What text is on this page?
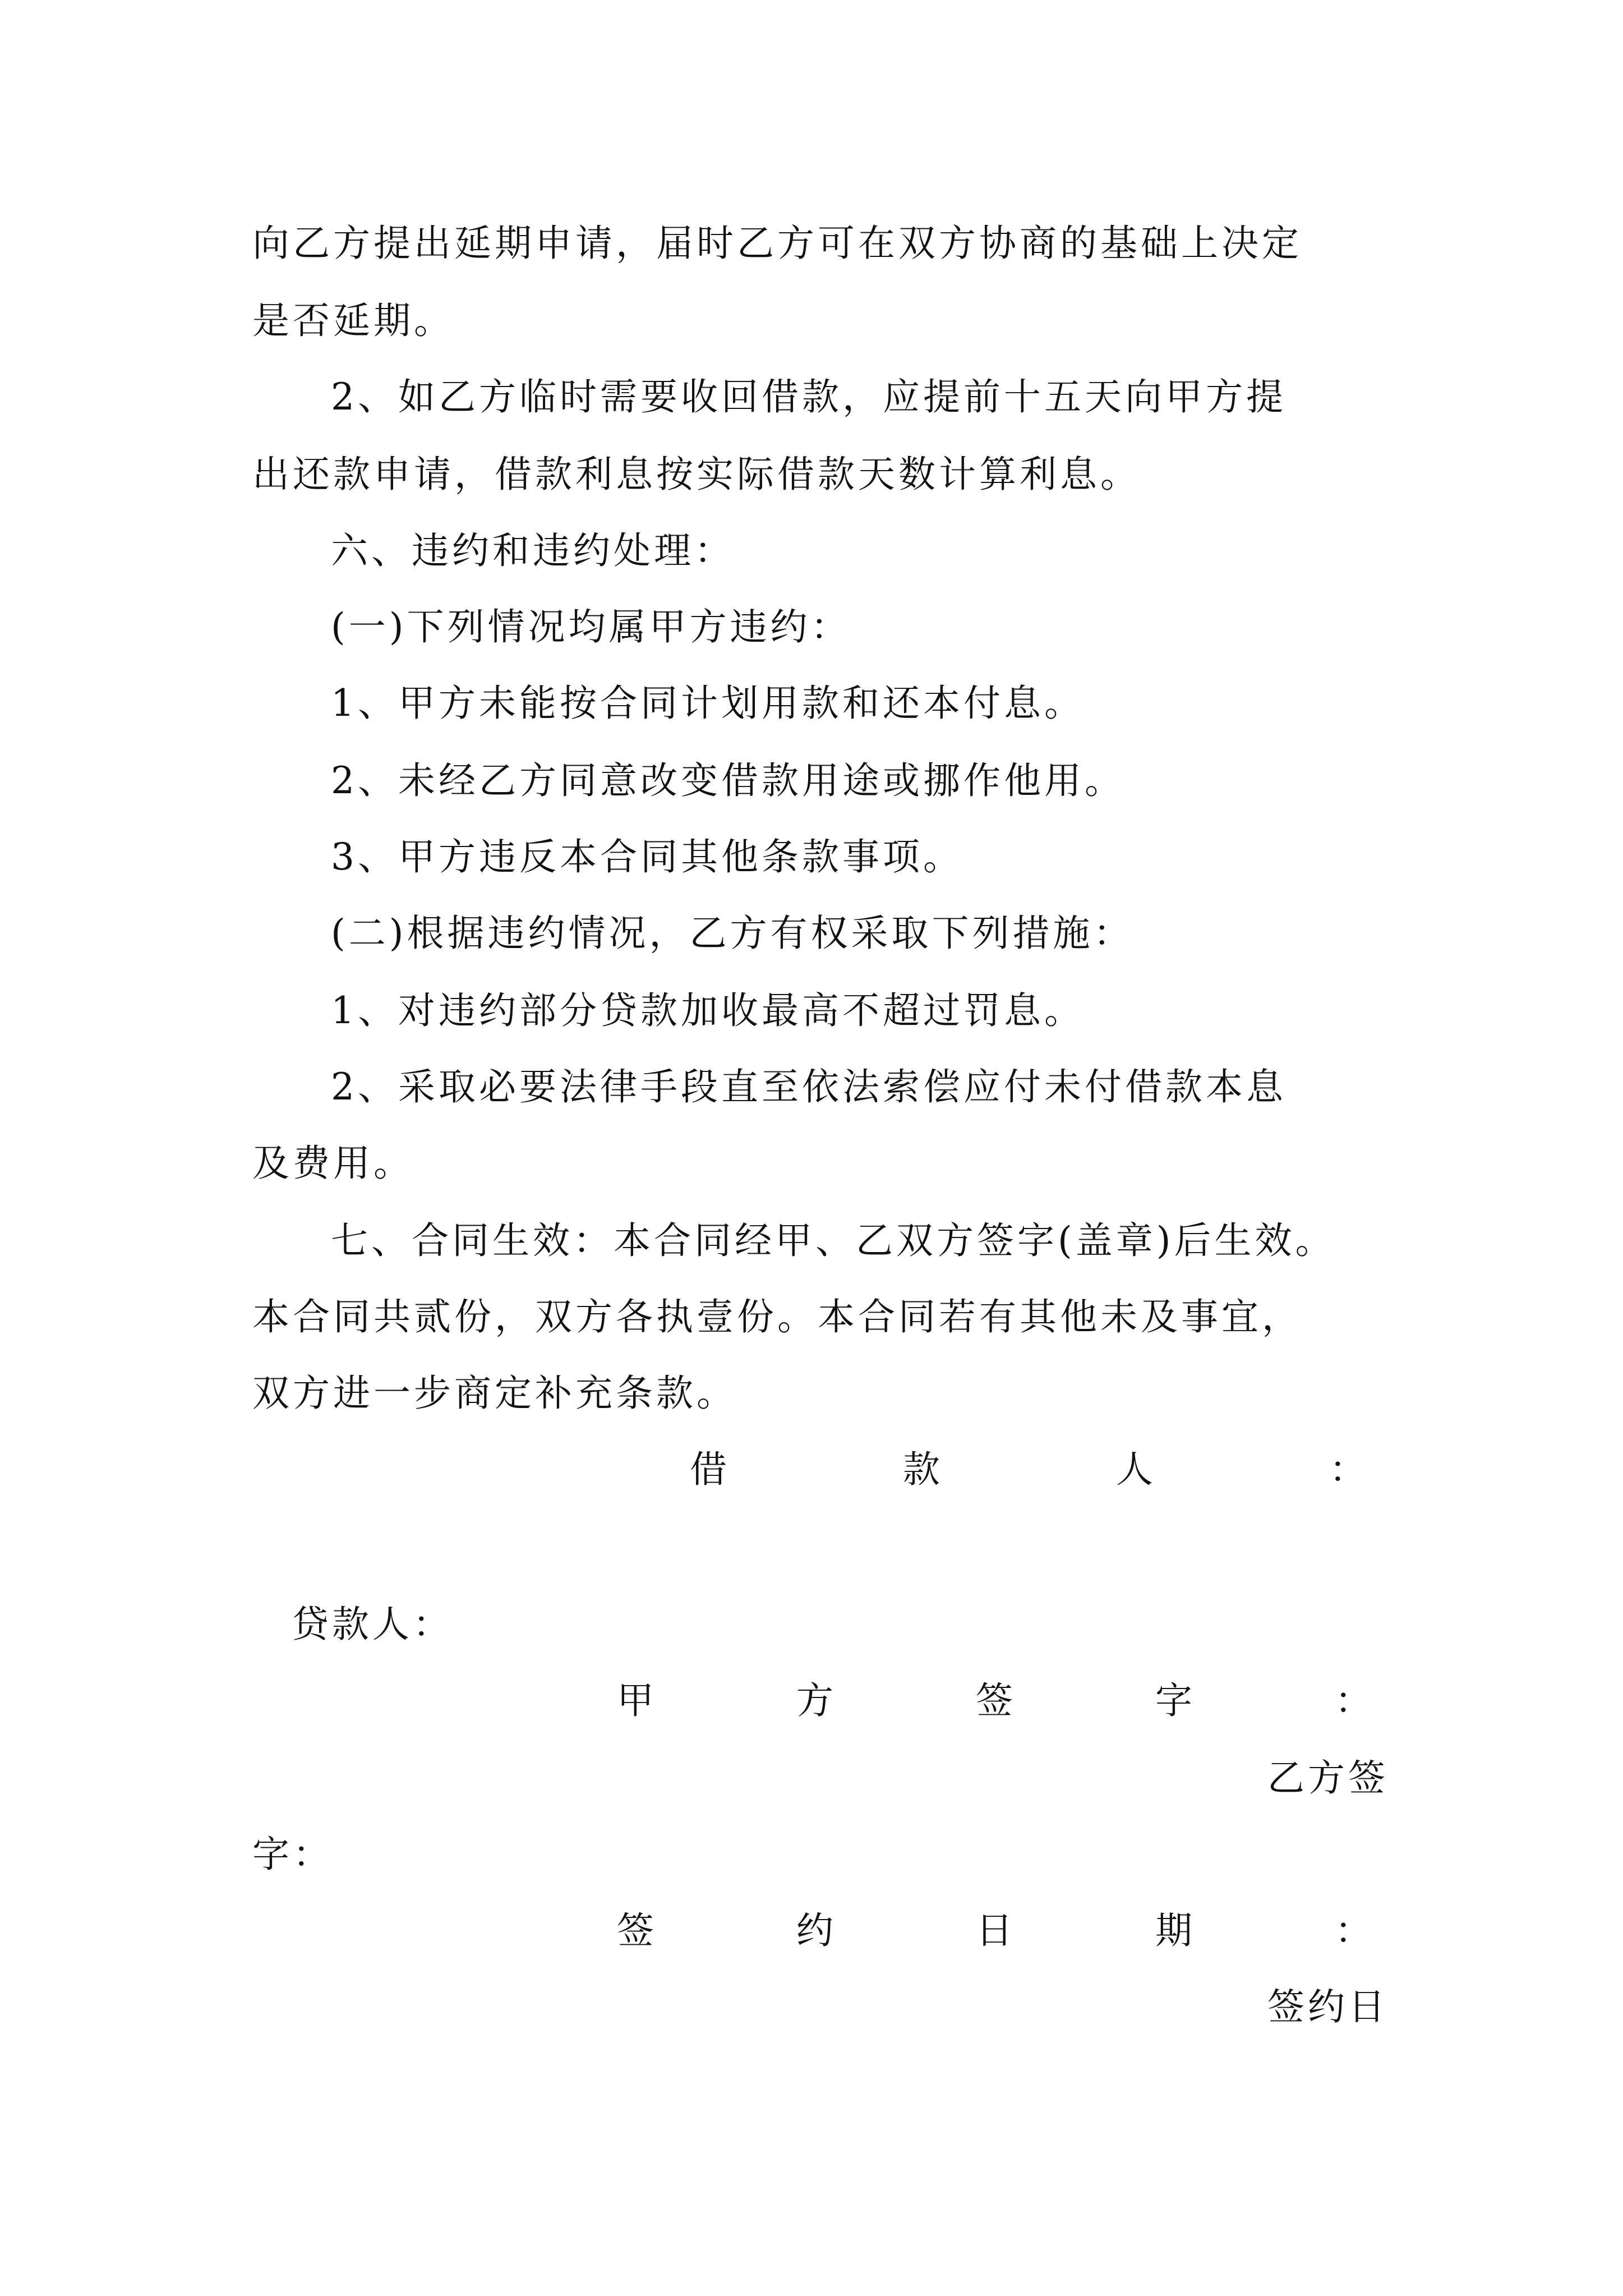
向乙方提出延期申请，届时乙方可在双方协商的基础上决定
是否延期。
2、如乙方临时需要收回借款，应提前十五天向甲方提
出还款申请，借款利息按实际借款天数计算利息。
六、违约和违约处理：
(一)下列情况均属甲方违约：
1、甲方未能按合同计划用款和还本付息。
2、未经乙方同意改变借款用途或挪作他用。
3、甲方违反本合同其他条款事项。
(二)根据违约情况，乙方有权采取下列措施：
1、对违约部分贷款加收最高不超过罚息。
2、采取必要法律手段直至依法索偿应付未付借款本息
及费用。
七、合同生效：本合同经甲、乙双方签字(盖章)后生效。
本合同共贰份，双方各执壹份。本合同若有其他未及事宜，
双方进一步商定补充条款。
借	款	人	：
贷款人：
甲	方	签	字	：
乙方签
字：
签	约	日	期	：
签约日
